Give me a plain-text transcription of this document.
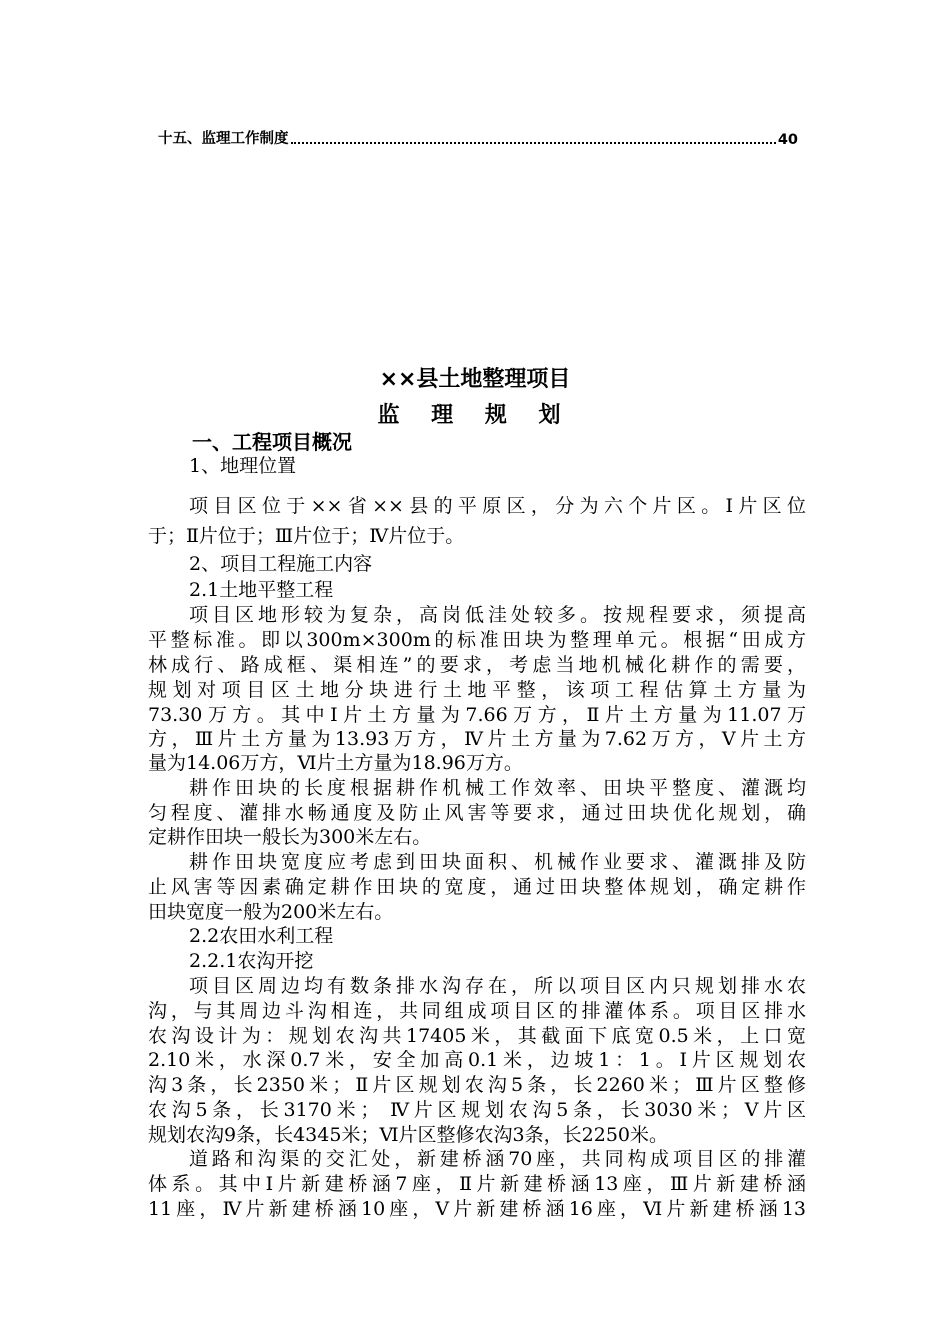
十五、监理工作制度	40
××县土地整理项目
监 理 规 划
一、工程项目概况
1、地理位置
项目区位于××省××县的平原区，分为六个片区。Ⅰ片区位
于；Ⅱ片位于；Ⅲ片位于；Ⅳ片位于。
2、项目工程施工内容
2.1土地平整工程
项目区地形较为复杂，高岗低洼处较多。按规程要求，须提高
平整标准。即以300m×300m的标准田块为整理单元。根据“田成方
林成行、路成框、渠相连”的要求，考虑当地机械化耕作的需要，
规划对项目区土地分块进行土地平整，该项工程估算土方量为
73.30万方。其中Ⅰ片土方量为7.66万方，Ⅱ片土方量为11.07万
方，Ⅲ片土方量为13.93万方，Ⅳ片土方量为7.62万方，Ⅴ片土方
量为14.06万方，Ⅵ片土方量为18.96万方。
耕作田块的长度根据耕作机械工作效率、田块平整度、灌溉均
匀程度、灌排水畅通度及防止风害等要求，通过田块优化规划，确
定耕作田块一般长为300米左右。
耕作田块宽度应考虑到田块面积、机械作业要求、灌溉排及防
止风害等因素确定耕作田块的宽度，通过田块整体规划，确定耕作
田块宽度一般为200米左右。
2.2农田水利工程
2.2.1农沟开挖
项目区周边均有数条排水沟存在，所以项目区内只规划排水农
沟，与其周边斗沟相连，共同组成项目区的排灌体系。项目区排水
农沟设计为：规划农沟共17405米，其截面下底宽0.5米，上口宽
2.10米，水深0.7米，安全加高0.1米，边坡1：1。Ⅰ片区规划农
沟3条，长2350米；Ⅱ片区规划农沟5条，长2260米；Ⅲ片区整修
农沟5条，长3170米； Ⅳ片区规划农沟5条，长3030米；Ⅴ片区
规划农沟9条，长4345米；Ⅵ片区整修农沟3条，长2250米。
道路和沟渠的交汇处，新建桥涵70座，共同构成项目区的排灌
体系。其中Ⅰ片新建桥涵7座，Ⅱ片新建桥涵13座，Ⅲ片新建桥涵
11座，Ⅳ片新建桥涵10座，Ⅴ片新建桥涵16座，Ⅵ片新建桥涵13
